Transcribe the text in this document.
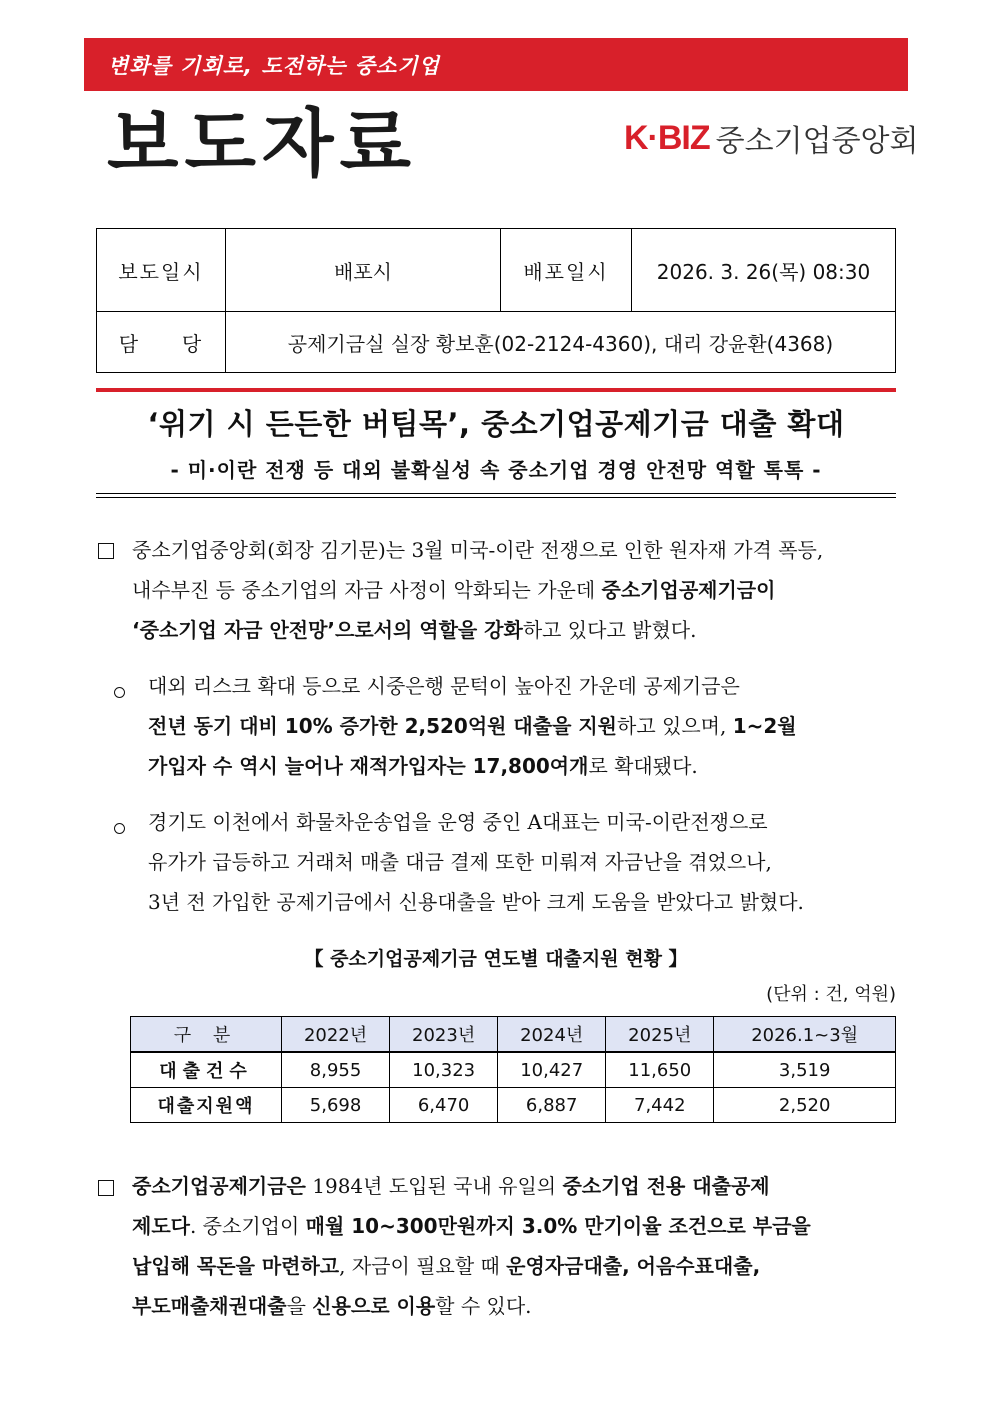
변화를 기회로, 도전하는 중소기업
보도자료	K·BIZ 중소기업중앙회
보도일시	배포시	배포일시	2026. 3. 26(목) 08:30
담     당	공제기금실 실장 황보훈(02-2124-4360), 대리 강윤환(4368)		
‘위기 시 든든한 버팀목’, 중소기업공제기금 대출 확대
- 미·이란 전쟁 등 대외 불확실성 속 중소기업 경영 안전망 역할 톡톡 -
중소기업중앙회(회장 김기문)는 3월 미국-이란 전쟁으로 인한 원자재 가격 폭등,
내수부진 등 중소기업의 자금 사정이 악화되는 가운데 중소기업공제기금이
‘중소기업 자금 안전망’으로서의 역할을 강화하고 있다고 밝혔다.
대외 리스크 확대 등으로 시중은행 문턱이 높아진 가운데 공제기금은
전년 동기 대비 10% 증가한 2,520억원 대출을 지원하고 있으며, 1~2월
가입자 수 역시 늘어나 재적가입자는 17,800여개로 확대됐다.
경기도 이천에서 화물차운송업을 운영 중인 A대표는 미국-이란전쟁으로
유가가 급등하고 거래처 매출 대금 결제 또한 미뤄져 자금난을 겪었으나,
3년 전 가입한 공제기금에서 신용대출을 받아 크게 도움을 받았다고 밝혔다.
【 중소기업공제기금 연도별 대출지원 현황 】
(단위 : 건, 억원)
구 분	2022년	2023년	2024년	2025년	2026.1~3월
대출건수	8,955	10,323	10,427	11,650	3,519
대출지원액	5,698	6,470	6,887	7,442	2,520
중소기업공제기금은 1984년 도입된 국내 유일의 중소기업 전용 대출공제
제도다. 중소기업이 매월 10~300만원까지 3.0% 만기이율 조건으로 부금을
납입해 목돈을 마련하고, 자금이 필요할 때 운영자금대출, 어음수표대출,
부도매출채권대출을 신용으로 이용할 수 있다.
